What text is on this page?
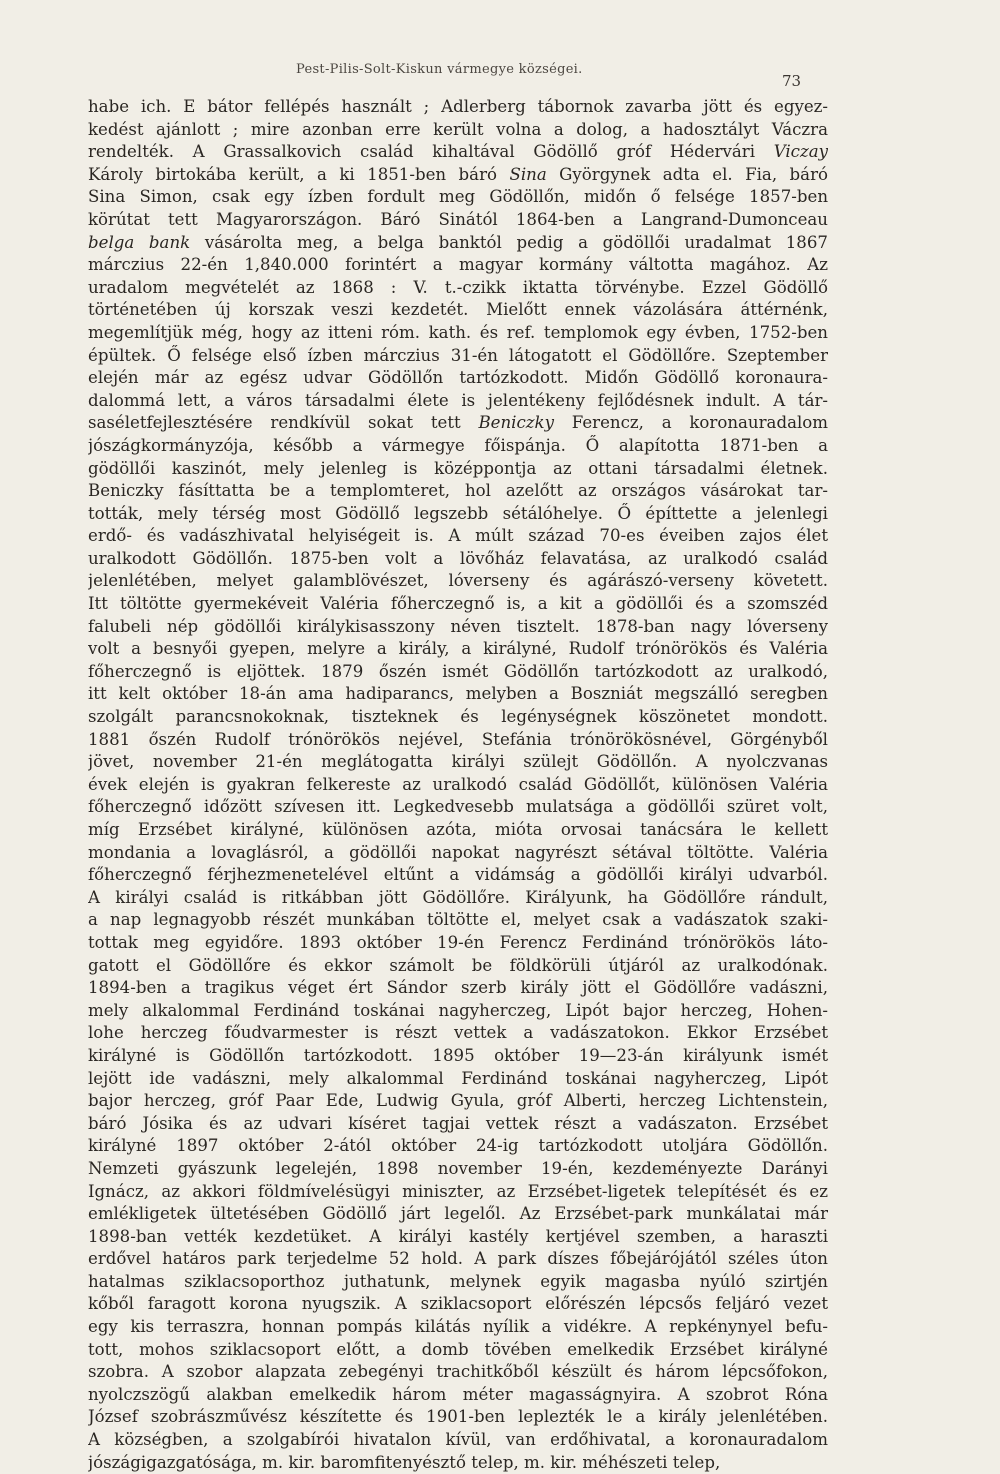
Pest-Pilis-Solt-Kiskun vármegye községei.
73
habe ich. E bátor fellépés használt ; Adlerberg tábornok zavarba jött és egyez-
kedést ajánlott ; mire azonban erre került volna a dolog, a hadosztályt Váczra
rendelték. A Grassalkovich család kihaltával Gödöllő gróf Hédervári Viczay
Károly birtokába került, a ki 1851-ben báró Sina Györgynek adta el. Fia, báró
Sina Simon, csak egy ízben fordult meg Gödöllőn, midőn ő felsége 1857-ben
körútat tett Magyarországon. Báró Sinától 1864-ben a Langrand-Dumonceau
belga bank vásárolta meg, a belga banktól pedig a gödöllői uradalmat 1867
márczius 22-én 1,840.000 forintért a magyar kormány váltotta magához. Az
uradalom megvételét az 1868 : V. t.-czikk iktatta törvénybe. Ezzel Gödöllő
történetében új korszak veszi kezdetét. Mielőtt ennek vázolására áttérnénk,
megemlítjük még, hogy az itteni róm. kath. és ref. templomok egy évben, 1752-ben
épültek. Ő felsége első ízben márczius 31-én látogatott el Gödöllőre. Szeptember
elején már az egész udvar Gödöllőn tartózkodott. Midőn Gödöllő koronaura-
dalommá lett, a város társadalmi élete is jelentékeny fejlődésnek indult. A tár-
saséletfejlesztésére rendkívül sokat tett Beniczky Ferencz, a koronauradalom
jószágkormányzója, később a vármegye főispánja. Ő alapította 1871-ben a
gödöllői kaszinót, mely jelenleg is középpontja az ottani társadalmi életnek.
Beniczky fásíttatta be a templomteret, hol azelőtt az országos vásárokat tar-
tották, mely térség most Gödöllő legszebb sétálóhelye. Ő építtette a jelenlegi
erdő- és vadászhivatal helyiségeit is. A múlt század 70-es éveiben zajos élet
uralkodott Gödöllőn. 1875-ben volt a lövőház felavatása, az uralkodó család
jelenlétében, melyet galamblövészet, lóverseny és agárászó-verseny követett.
Itt töltötte gyermekéveit Valéria főherczegnő is, a kit a gödöllői és a szomszéd
falubeli nép gödöllői királykisasszony néven tisztelt. 1878-ban nagy lóverseny
volt a besnyői gyepen, melyre a király, a királyné, Rudolf trónörökös és Valéria
főherczegnő is eljöttek. 1879 őszén ismét Gödöllőn tartózkodott az uralkodó,
itt kelt október 18-án ama hadiparancs, melyben a Boszniát megszálló seregben
szolgált parancsnokoknak, tiszteknek és legénységnek köszönetet mondott.
1881 őszén Rudolf trónörökös nejével, Stefánia trónörökösnével, Görgényből
jövet, november 21-én meglátogatta királyi szülejt Gödöllőn. A nyolczvanas
évek elején is gyakran felkereste az uralkodó család Gödöllőt, különösen Valéria
főherczegnő időzött szívesen itt. Legkedvesebb mulatsága a gödöllői szüret volt,
míg Erzsébet királyné, különösen azóta, mióta orvosai tanácsára le kellett
mondania a lovaglásról, a gödöllői napokat nagyrészt sétával töltötte. Valéria
főherczegnő férjhezmenetelével eltűnt a vidámság a gödöllői királyi udvarból.
A királyi család is ritkábban jött Gödöllőre. Királyunk, ha Gödöllőre rándult,
a nap legnagyobb részét munkában töltötte el, melyet csak a vadászatok szaki-
tottak meg egyidőre. 1893 október 19-én Ferencz Ferdinánd trónörökös láto-
gatott el Gödöllőre és ekkor számolt be földkörüli útjáról az uralkodónak.
1894-ben a tragikus véget ért Sándor szerb király jött el Gödöllőre vadászni,
mely alkalommal Ferdinánd toskánai nagyherczeg, Lipót bajor herczeg, Hohen-
lohe herczeg főudvarmester is részt vettek a vadászatokon. Ekkor Erzsébet
királyné is Gödöllőn tartózkodott. 1895 október 19—23-án királyunk ismét
lejött ide vadászni, mely alkalommal Ferdinánd toskánai nagyherczeg, Lipót
bajor herczeg, gróf Paar Ede, Ludwig Gyula, gróf Alberti, herczeg Lichtenstein,
báró Jósika és az udvari kíséret tagjai vettek részt a vadászaton. Erzsébet
királyné 1897 október 2-ától október 24-ig tartózkodott utoljára Gödöllőn.
Nemzeti gyászunk legelején, 1898 november 19-én, kezdeményezte Darányi
Ignácz, az akkori földmívelésügyi miniszter, az Erzsébet-ligetek telepítését és ez
emlékligetek ültetésében Gödöllő járt legelől. Az Erzsébet-park munkálatai már
1898-ban vették kezdetüket. A királyi kastély kertjével szemben, a haraszti
erdővel határos park terjedelme 52 hold. A park díszes főbejárójától széles úton
hatalmas sziklacsoporthoz juthatunk, melynek egyik magasba nyúló szirtjén
kőből faragott korona nyugszik. A sziklacsoport előrészén lépcsős feljáró vezet
egy kis terraszra, honnan pompás kilátás nyílik a vidékre. A repkénynyel befu-
tott, mohos sziklacsoport előtt, a domb tövében emelkedik Erzsébet királyné
szobra. A szobor alapzata zebegényi trachitkőből készült és három lépcsőfokon,
nyolczszögű alakban emelkedik három méter magasságnyira. A szobrot Róna
József szobrászművész készítette és 1901-ben leplezték le a király jelenlétében.
A községben, a szolgabírói hivatalon kívül, van erdőhivatal, a koronauradalom
jószágigazgatósága, m. kir. baromfitenyésztő telep, m. kir. méhészeti telep,
